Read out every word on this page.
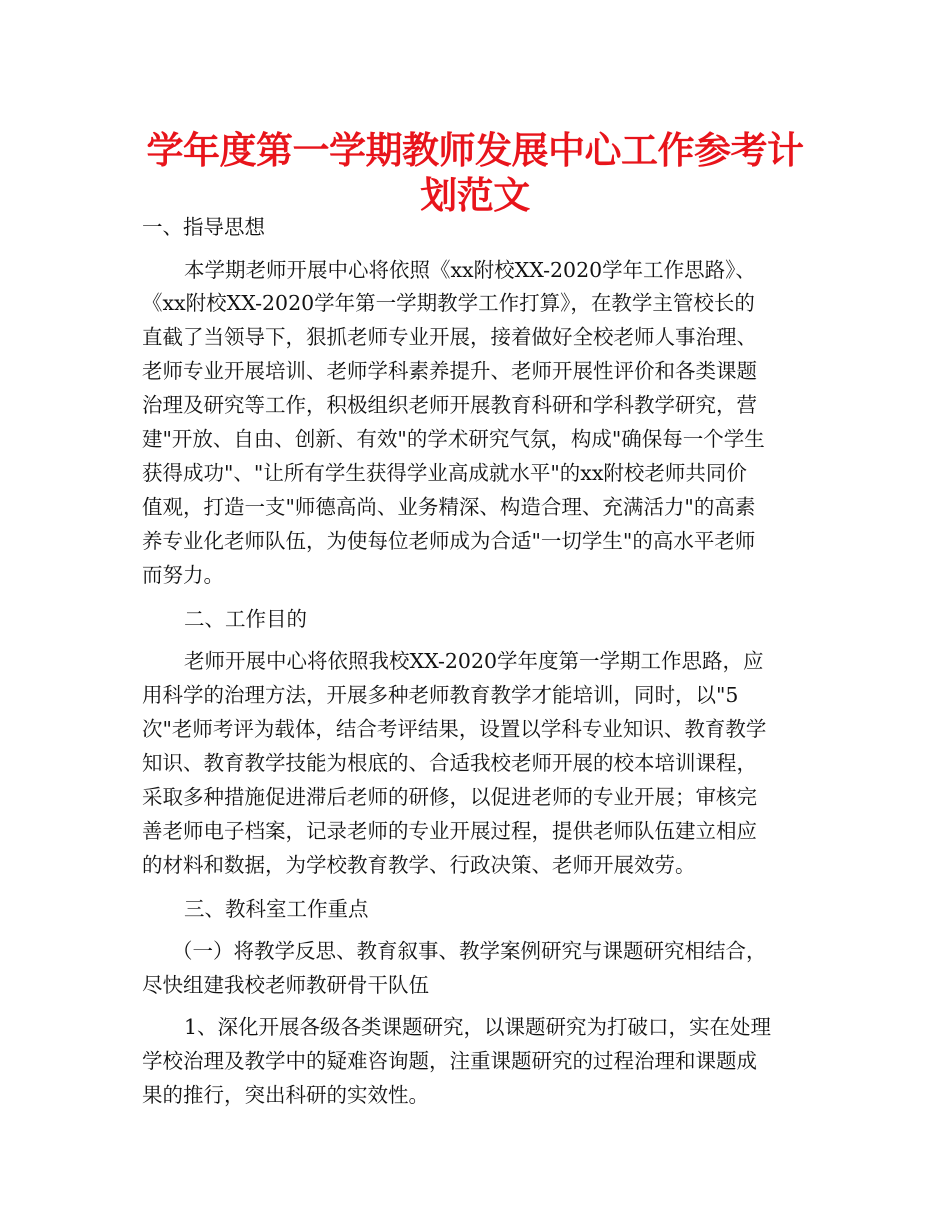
学年度第一学期教师发展中心工作参考计
划范文
一、指导思想
本学期老师开展中心将依照《xx附校XX-2020学年工作思路》、
《xx附校XX-2020学年第一学期教学工作打算》，在教学主管校长的
直截了当领导下，狠抓老师专业开展，接着做好全校老师人事治理、
老师专业开展培训、老师学科素养提升、老师开展性评价和各类课题
治理及研究等工作，积极组织老师开展教育科研和学科教学研究，营
建"开放、自由、创新、有效"的学术研究气氛，构成"确保每一个学生
获得成功"、"让所有学生获得学业高成就水平"的xx附校老师共同价
值观，打造一支"师德高尚、业务精深、构造合理、充满活力"的高素
养专业化老师队伍，为使每位老师成为合适"一切学生"的高水平老师
而努力。
二、工作目的
老师开展中心将依照我校XX-2020学年度第一学期工作思路，应
用科学的治理方法，开展多种老师教育教学才能培训，同时，以"5
次"老师考评为载体，结合考评结果，设置以学科专业知识、教育教学
知识、教育教学技能为根底的、合适我校老师开展的校本培训课程，
采取多种措施促进滞后老师的研修，以促进老师的专业开展；审核完
善老师电子档案，记录老师的专业开展过程，提供老师队伍建立相应
的材料和数据，为学校教育教学、行政决策、老师开展效劳。
三、教科室工作重点
（一）将教学反思、教育叙事、教学案例研究与课题研究相结合，
尽快组建我校老师教研骨干队伍
1、深化开展各级各类课题研究，以课题研究为打破口，实在处理
学校治理及教学中的疑难咨询题，注重课题研究的过程治理和课题成
果的推行，突出科研的实效性。
